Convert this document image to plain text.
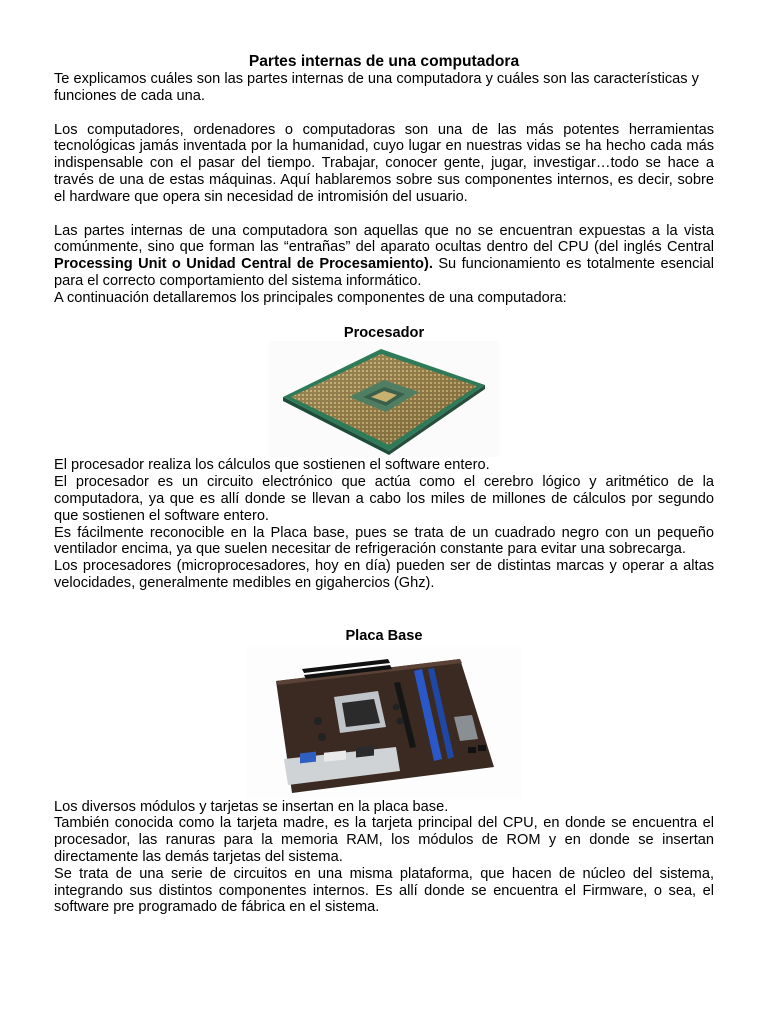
Partes internas de una computadora

Te explicamos cuáles son las partes internas de una computadora y cuáles son las características y funciones de cada una.

Los computadores, ordenadores o computadoras son una de las más potentes herramientas tecnológicas jamás inventada por la humanidad, cuyo lugar en nuestras vidas se ha hecho cada más indispensable con el pasar del tiempo. Trabajar, conocer gente, jugar, investigar…todo se hace a través de una de estas máquinas. Aquí hablaremos sobre sus componentes internos, es decir, sobre el hardware que opera sin necesidad de intromisión del usuario.

Las partes internas de una computadora son aquellas que no se encuentran expuestas a la vista comúnmente, sino que forman las “entrañas” del aparato ocultas dentro del CPU (del inglés Central Processing Unit o Unidad Central de Procesamiento). Su funcionamiento es totalmente esencial para el correcto comportamiento del sistema informático.

A continuación detallaremos los principales componentes de una computadora:

Procesador

El procesador realiza los cálculos que sostienen el software entero.

El procesador es un circuito electrónico que actúa como el cerebro lógico y aritmético de la computadora, ya que es allí donde se llevan a cabo los miles de millones de cálculos por segundo que sostienen el software entero.

Es fácilmente reconocible en la Placa base, pues se trata de un cuadrado negro con un pequeño ventilador encima, ya que suelen necesitar de refrigeración constante para evitar una sobrecarga.

Los procesadores (microprocesadores, hoy en día) pueden ser de distintas marcas y operar a altas velocidades, generalmente medibles en gigahercios (Ghz).

Placa Base

Los diversos módulos y tarjetas se insertan en la placa base.

También conocida como la tarjeta madre, es la tarjeta principal del CPU, en donde se encuentra el procesador, las ranuras para la memoria RAM, los módulos de ROM y en donde se insertan directamente las demás tarjetas del sistema.

Se trata de una serie de circuitos en una misma plataforma, que hacen de núcleo del sistema, integrando sus distintos componentes internos. Es allí donde se encuentra el Firmware, o sea, el software pre programado de fábrica en el sistema.
